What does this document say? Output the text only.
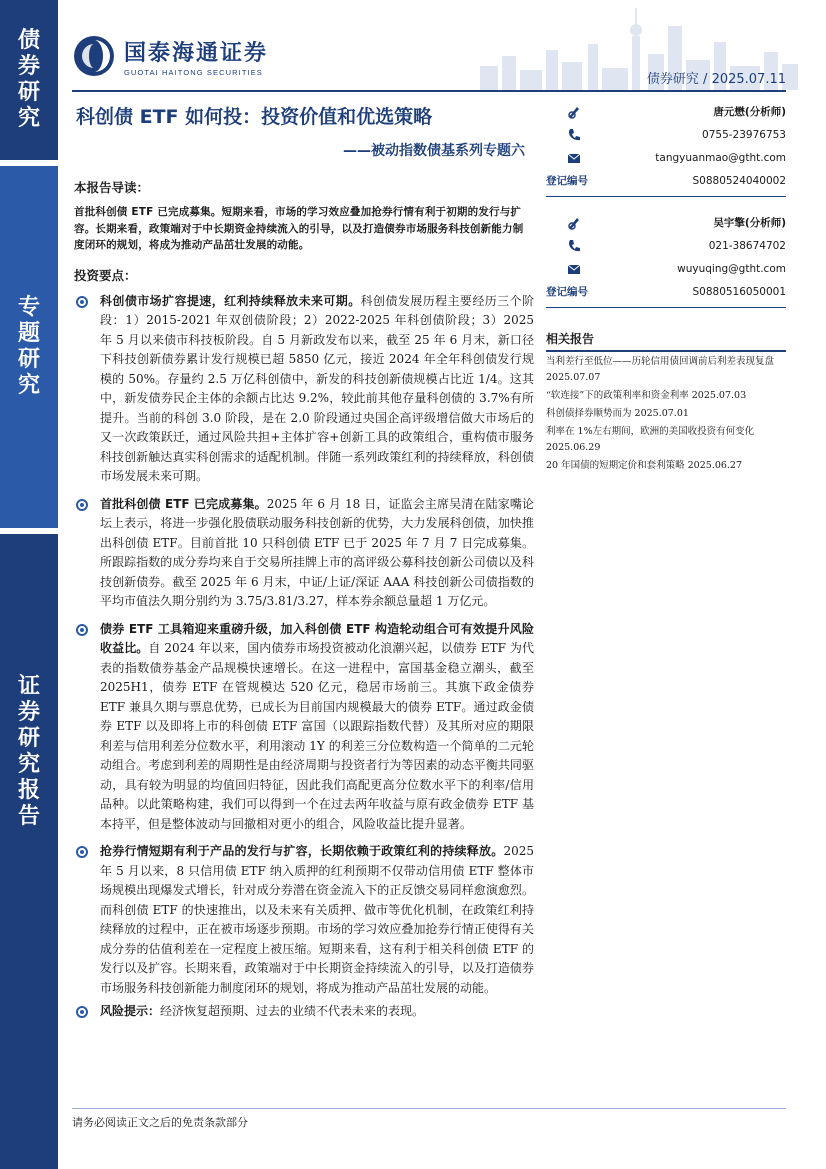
债
券
研
究
专
题
研
究
证
券
研
究
报
告
国泰海通证券
GUOTAI HAITONG SECURITIES	债券研究 / 2025.07.11
科创债 ETF 如何投：投资价值和优选策略
——被动指数债基系列专题六
本报告导读：
首批科创债 ETF 已完成募集。短期来看，市场的学习效应叠加抢券行情有利于初期的发行与扩容。长期来看，政策端对于中长期资金持续流入的引导，以及打造债券市场服务科技创新能力制度闭环的规划，将成为推动产品茁壮发展的动能。
投资要点：
科创债市场扩容提速，红利持续释放未来可期。科创债发展历程主要经历三个阶段：1）2015-2021 年双创债阶段；2）2022-2025 年科创债阶段；3）2025 年 5 月以来债市科技板阶段。自 5 月新政发布以来，截至 25 年 6 月末，新口径下科技创新债券累计发行规模已超 5850 亿元，接近 2024 年全年科创债发行规模的 50%。存量约 2.5 万亿科创债中，新发的科技创新债规模占比近 1/4。这其中，新发债券民企主体的余额占比达 9.2%，较此前其他存量科创债的 3.7%有所提升。当前的科创 3.0 阶段，是在 2.0 阶段通过央国企高评级增信做大市场后的又一次政策跃迁，通过风险共担+主体扩容+创新工具的政策组合，重构债市服务科技创新触达真实科创需求的适配机制。伴随一系列政策红利的持续释放，科创债市场发展未来可期。
首批科创债 ETF 已完成募集。2025 年 6 月 18 日，证监会主席吴清在陆家嘴论坛上表示，将进一步强化股债联动服务科技创新的优势，大力发展科创债，加快推出科创债 ETF。目前首批 10 只科创债 ETF 已于 2025 年 7 月 7 日完成募集。所跟踪指数的成分券均来自于交易所挂牌上市的高评级公募科技创新公司债以及科技创新债券。截至 2025 年 6 月末，中证/上证/深证 AAA 科技创新公司债指数的平均市值法久期分别约为 3.75/3.81/3.27，样本券余额总量超 1 万亿元。
债券 ETF 工具箱迎来重磅升级，加入科创债 ETF 构造轮动组合可有效提升风险收益比。自 2024 年以来，国内债券市场投资被动化浪潮兴起，以债券 ETF 为代表的指数债券基金产品规模快速增长。在这一进程中，富国基金稳立潮头，截至 2025H1，债券 ETF 在管规模达 520 亿元，稳居市场前三。其旗下政金债券 ETF 兼具久期与票息优势，已成长为目前国内规模最大的债券 ETF。通过政金债券 ETF 以及即将上市的科创债 ETF 富国（以跟踪指数代替）及其所对应的期限利差与信用利差分位数水平，利用滚动 1Y 的利差三分位数构造一个简单的二元轮动组合。考虑到利差的周期性是由经济周期与投资者行为等因素的动态平衡共同驱动，具有较为明显的均值回归特征，因此我们高配更高分位数水平下的利率/信用品种。以此策略构建，我们可以得到一个在过去两年收益与原有政金债券 ETF 基本持平，但是整体波动与回撤相对更小的组合，风险收益比提升显著。
抢券行情短期有利于产品的发行与扩容，长期依赖于政策红利的持续释放。2025 年 5 月以来，8 只信用债 ETF 纳入质押的红利预期不仅带动信用债 ETF 整体市场规模出现爆发式增长，针对成分券潜在资金流入下的正反馈交易同样愈演愈烈。而科创债 ETF 的快速推出，以及未来有关质押、做市等优化机制，在政策红利持续释放的过程中，正在被市场逐步预期。市场的学习效应叠加抢券行情正使得有关成分券的估值利差在一定程度上被压缩。短期来看，这有利于相关科创债 ETF 的发行以及扩容。长期来看，政策端对于中长期资金持续流入的引导，以及打造债券市场服务科技创新能力制度闭环的规划，将成为推动产品茁壮发展的动能。
风险提示：经济恢复超预期、过去的业绩不代表未来的表现。
唐元懋(分析师)
0755-23976753
tangyuanmao@gtht.com
登记编号	S0880524040002
吴宇擎(分析师)
021-38674702
wuyuqing@gtht.com
登记编号	S0880516050001
相关报告
当利差行至低位——历轮信用债回调前后利差表现复盘 2025.07.07
“软连接”下的政策利率和资金利率 2025.07.03
科创债择券顺势而为 2025.07.01
利率在 1%左右期间，欧洲的美国收投资有何变化 2025.06.29
20 年国债的短期定价和套利策略 2025.06.27
请务必阅读正文之后的免责条款部分
